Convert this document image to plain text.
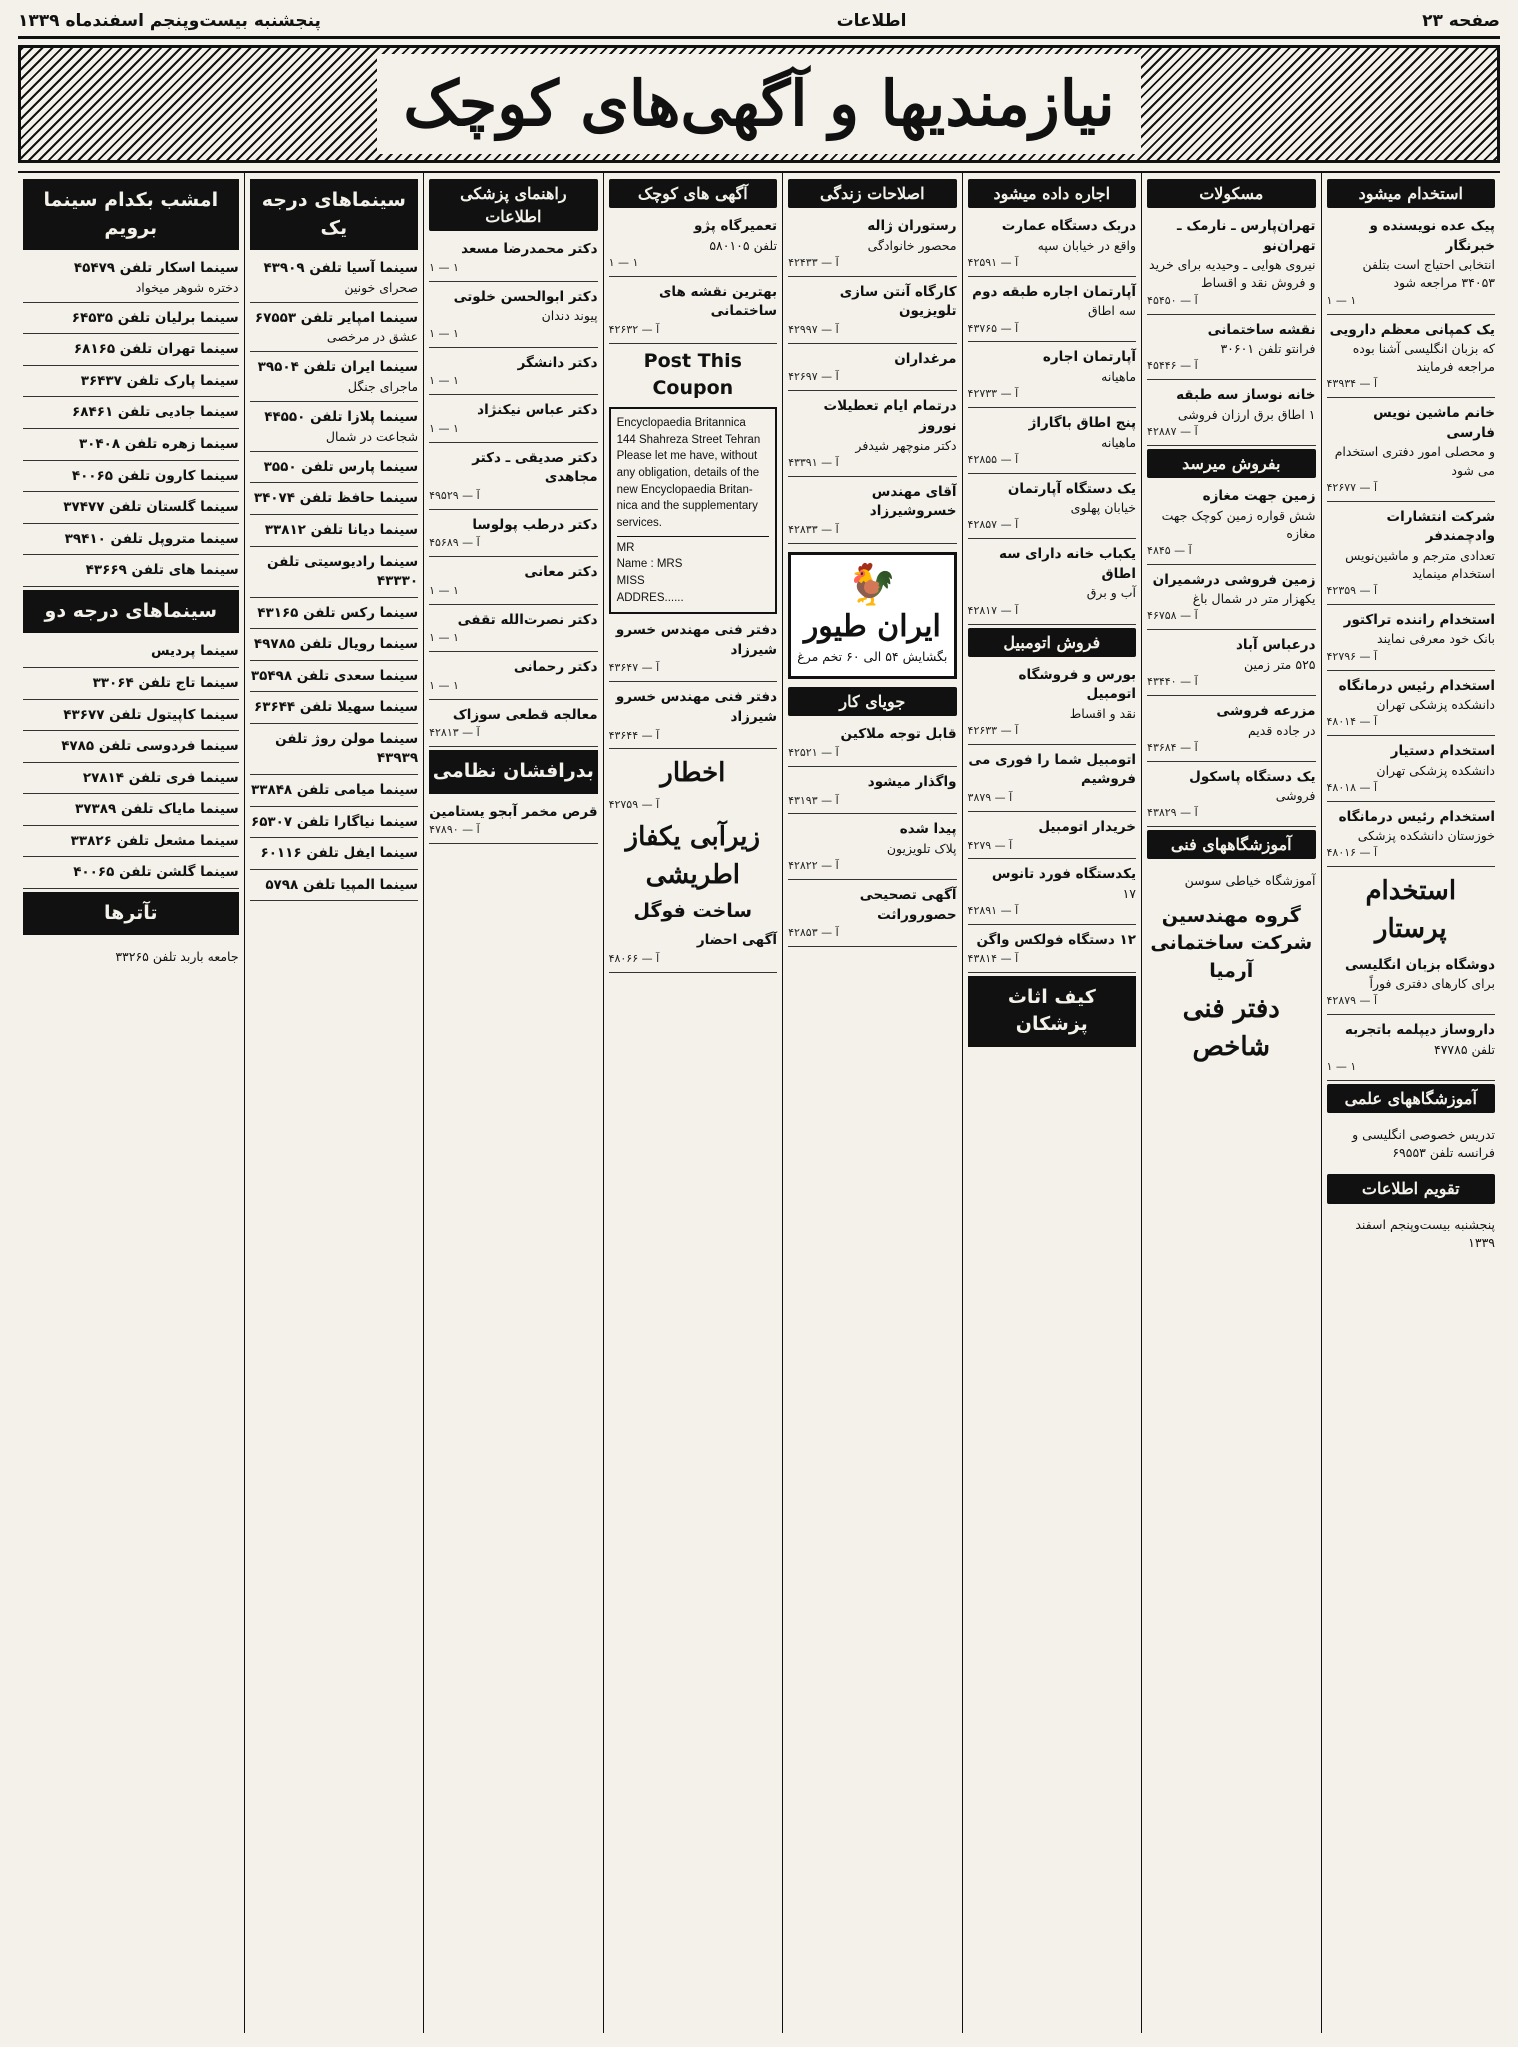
صفحه ٢٣
اطلاعات
پنجشنبه بیست‌وپنجم اسفندماه ۱۳۳۹
نیازمندیها و آگهی‌های کوچک
استخدام میشود

پیک عده نویسنده و خبرنگار

انتخابی احتیاج است بتلفن ۳۴۰۵۳ مراجعه شود

۱ — ۱

یک کمپانی معظم دارویی

که بزبان انگلیسی آشنا بوده مراجعه فرمایند

آ — ۴۳۹۳۴

خانم ماشین نویس فارسی

و محصلی امور دفتری استخدام می شود

آ — ۴۲۶۷۷

شرکت انتشارات وادچمندفر

تعدادی مترجم و ماشین‌نویس استخدام مینماید

آ — ۴۲۳۵۹

استخدام راننده تراکتور

بانک خود معرفی نمایند

آ — ۴۲۷۹۶

استخدام رئیس درمانگاه

دانشکده پزشکی تهران

آ — ۴۸۰۱۴

استخدام دستیار

دانشکده پزشکی تهران

آ — ۴۸۰۱۸

استخدام رئیس درمانگاه

خوزستان دانشکده پزشکی

آ — ۴۸۰۱۶

استخدام پرستار

دوشگاه بزبان انگلیسی

برای کارهای دفتری فوراً

آ — ۴۲۸۷۹

داروساز دیپلمه باتجربه

تلفن ۴۷۷۸۵

۱ — ۱

آموزشگاههای علمی

تدریس خصوصی انگلیسی و فرانسه تلفن ۶۹۵۵۳

تقویم اطلاعات

پنجشنبه بیست‌وپنجم اسفند ۱۳۳۹

مسکولات

تهران‌پارس ـ نارمک ـ تهران‌نو

نیروی هوایی ـ وحیدیه برای خرید و فروش نقد و اقساط

آ — ۴۵۴۵۰

نقشه ساختمانی

فرانتو تلفن ۳۰۶۰۱

آ — ۴۵۴۴۶

خانه نوساز سه طبقه

۱ اطاق برق ارزان فروشی

آ — ۴۲۸۸۷

بفروش میرسد

زمین جهت مغازه

شش قواره زمین کوچک جهت مغازه

آ — ۴۸۴۵

زمین فروشی درشمیران

یکهزار متر در شمال باغ

آ — ۴۶۷۵۸

درعباس آباد

۵۲۵ متر زمین

آ — ۴۳۴۴۰

مزرعه فروشی

در جاده قدیم

آ — ۴۳۶۸۴

یک دستگاه پاسکول

فروشی

آ — ۴۳۸۲۹

آموزشگاههای فنی

آموزشگاه خیاطی سوسن

گروه مهندسین شرکت ساختمانی آرمیا
دفتر فنی شاخص
اجاره داده میشود

دربک دستگاه عمارت

واقع در خیابان سپه

آ — ۴۲۵۹۱

آپارتمان اجاره طبقه دوم

سه اطاق

آ — ۴۳۷۶۵

آپارتمان اجاره

ماهیانه

آ — ۴۲۷۳۳

پنج اطاق باگاراژ

ماهیانه

آ — ۴۲۸۵۵

یک دستگاه آپارتمان

خیابان پهلوی

آ — ۴۲۸۵۷

یکباب خانه دارای سه اطاق

آب و برق

آ — ۴۲۸۱۷

فروش اتومبیل

بورس و فروشگاه اتومبیل

نقد و اقساط

آ — ۴۲۶۳۳

اتومبیل شما را فوری می فروشیم

آ — ۳۸۷۹

خریدار اتومبیل

آ — ۴۲۷۹

یکدستگاه فورد تانوس

۱۷

آ — ۴۲۸۹۱

۱۲ دستگاه فولکس واگن

آ — ۴۳۸۱۴

کیف اثاث پزشکان
اصلاحات زندگی

رستوران ژاله

محصور خانوادگی

آ — ۴۲۴۳۳

کارگاه آنتن سازی تلویزیون

آ — ۴۲۹۹۷

مرغداران

آ — ۴۲۶۹۷

درتمام ایام تعطیلات نوروز

دکتر منوچهر شیدفر

آ — ۴۳۳۹۱

آقای مهندس خسروشیرزاد

آ — ۴۲۸۳۳

🐓
ایران طیور
بگشایش ۵۴ الی ۶۰ تخم مرغ
جویای کار

قابل توجه ملاکین

آ — ۴۲۵۲۱

واگذار میشود

آ — ۴۳۱۹۳

پیدا شده

پلاک تلویزیون

آ — ۴۲۸۲۲

آگهی تصحیحی حصوروراثت

آ — ۴۲۸۵۳

آگهی های کوچک

تعمیرگاه پژو

تلفن ۵۸۰۱۰۵

۱ — ۱

بهترین نقشه های ساختمانی

آ — ۴۲۶۳۲

Post This Coupon
Encyclopaedia Britannica
144 Shahreza Street Tehran
Please let me have, without
any obligation, details of the
new Encyclopaedia Britan-
nica and the supplementary
services.
MR
Name : MRS
MISS
ADDRES......

دفتر فنی مهندس خسرو شیرزاد

آ — ۴۳۶۴۷

دفتر فنی مهندس خسرو شیرزاد

آ — ۴۳۶۴۴

اخطار
آ — ۴۲۷۵۹
زیرآبی یکفاز اطریشی
ساخت فوگل

آگهی احضار

آ — ۴۸۰۶۶

راهنمای پزشکی اطلاعات

دکتر محمدرضا مسعد

۱ — ۱

دکتر ابوالحسن خلوتی

پیوند دندان

۱ — ۱

دکتر دانشگر

۱ — ۱

دکتر عباس نیکنژاد

۱ — ۱

دکتر صدیقی ـ دکتر مجاهدی

آ — ۴۹۵۲۹

دکتر درطب پولوسا

آ — ۴۵۶۸۹

دکتر معانی

۱ — ۱

دکتر نصرت‌الله تقفی

۱ — ۱

دکتر رحمانی

۱ — ۱

معالجه قطعی سوزاک

آ — ۴۲۸۱۳

بدرافشان نظامی

قرص مخمر آبجو یستامین

آ — ۴۷۸۹۰

سینماهای درجه یک

سینما آسیا تلفن ۴۳۹۰۹

صحرای خونین

سینما امپایر تلفن ۶۷۵۵۳

عشق در مرخصی

سینما ایران تلفن ۳۹۵۰۴

ماجرای جنگل

سینما پلازا تلفن ۴۴۵۵۰

شجاعت در شمال

سینما پارس تلفن ۳۵۵۰

سینما حافظ تلفن ۳۴۰۷۴

سینما دیانا تلفن ۳۳۸۱۲

سینما رادیوسیتی تلفن ۴۳۳۳۰

سینما رکس تلفن ۴۳۱۶۵

سینما رویال تلفن ۴۹۷۸۵

سینما سعدی تلفن ۳۵۴۹۸

سینما سهیلا تلفن ۶۳۶۴۴

سینما مولن روژ تلفن ۴۳۹۳۹

سینما میامی تلفن ۳۳۸۴۸

سینما نیاگارا تلفن ۶۵۳۰۷

سینما ایفل تلفن ۶۰۱۱۶

سینما المپیا تلفن ۵۷۹۸

امشب بکدام سینما برویم

سینما اسکار تلفن ۴۵۴۷۹

دختره شوهر میخواد

سینما برلیان تلفن ۶۴۵۳۵

سینما تهران تلفن ۶۸۱۶۵

سینما پارک تلفن ۳۶۴۳۷

سینما جادیی تلفن ۶۸۴۶۱

سینما زهره تلفن ۳۰۴۰۸

سینما کارون تلفن ۴۰۰۶۵

سینما گلستان تلفن ۳۷۴۷۷

سینما متروپل تلفن ۳۹۴۱۰

سینما های تلفن ۴۳۶۶۹

سینماهای درجه دو

سینما پردیس

سینما تاج تلفن ۳۳۰۶۴

سینما کاپیتول تلفن ۴۳۶۷۷

سینما فردوسی تلفن ۴۷۸۵

سینما فری تلفن ۲۷۸۱۴

سینما مایاک تلفن ۳۷۳۸۹

سینما مشعل تلفن ۳۳۸۲۶

سینما گلشن تلفن ۴۰۰۶۵

تآترها

جامعه باربد تلفن ۳۳۲۶۵
